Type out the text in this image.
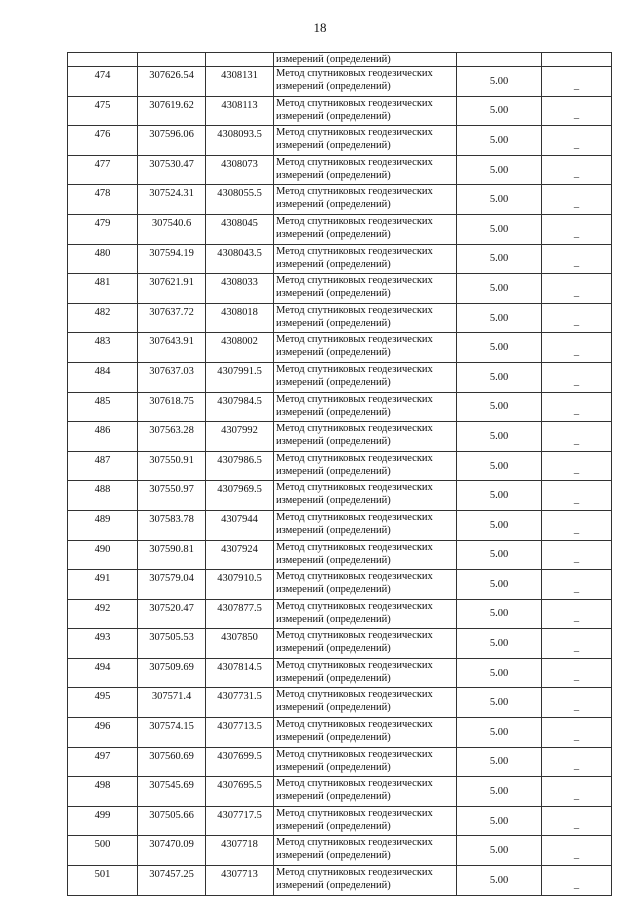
18
			измерений (определений)		
474	307626.54	4308131	Метод спутниковых геодезических
измерений (определений)	5.00	–
475	307619.62	4308113	Метод спутниковых геодезических
измерений (определений)	5.00	–
476	307596.06	4308093.5	Метод спутниковых геодезических
измерений (определений)	5.00	–
477	307530.47	4308073	Метод спутниковых геодезических
измерений (определений)	5.00	–
478	307524.31	4308055.5	Метод спутниковых геодезических
измерений (определений)	5.00	–
479	307540.6	4308045	Метод спутниковых геодезических
измерений (определений)	5.00	–
480	307594.19	4308043.5	Метод спутниковых геодезических
измерений (определений)	5.00	–
481	307621.91	4308033	Метод спутниковых геодезических
измерений (определений)	5.00	–
482	307637.72	4308018	Метод спутниковых геодезических
измерений (определений)	5.00	–
483	307643.91	4308002	Метод спутниковых геодезических
измерений (определений)	5.00	–
484	307637.03	4307991.5	Метод спутниковых геодезических
измерений (определений)	5.00	–
485	307618.75	4307984.5	Метод спутниковых геодезических
измерений (определений)	5.00	–
486	307563.28	4307992	Метод спутниковых геодезических
измерений (определений)	5.00	–
487	307550.91	4307986.5	Метод спутниковых геодезических
измерений (определений)	5.00	–
488	307550.97	4307969.5	Метод спутниковых геодезических
измерений (определений)	5.00	–
489	307583.78	4307944	Метод спутниковых геодезических
измерений (определений)	5.00	–
490	307590.81	4307924	Метод спутниковых геодезических
измерений (определений)	5.00	–
491	307579.04	4307910.5	Метод спутниковых геодезических
измерений (определений)	5.00	–
492	307520.47	4307877.5	Метод спутниковых геодезических
измерений (определений)	5.00	–
493	307505.53	4307850	Метод спутниковых геодезических
измерений (определений)	5.00	–
494	307509.69	4307814.5	Метод спутниковых геодезических
измерений (определений)	5.00	–
495	307571.4	4307731.5	Метод спутниковых геодезических
измерений (определений)	5.00	–
496	307574.15	4307713.5	Метод спутниковых геодезических
измерений (определений)	5.00	–
497	307560.69	4307699.5	Метод спутниковых геодезических
измерений (определений)	5.00	–
498	307545.69	4307695.5	Метод спутниковых геодезических
измерений (определений)	5.00	–
499	307505.66	4307717.5	Метод спутниковых геодезических
измерений (определений)	5.00	–
500	307470.09	4307718	Метод спутниковых геодезических
измерений (определений)	5.00	–
501	307457.25	4307713	Метод спутниковых геодезических
измерений (определений)	5.00	–
